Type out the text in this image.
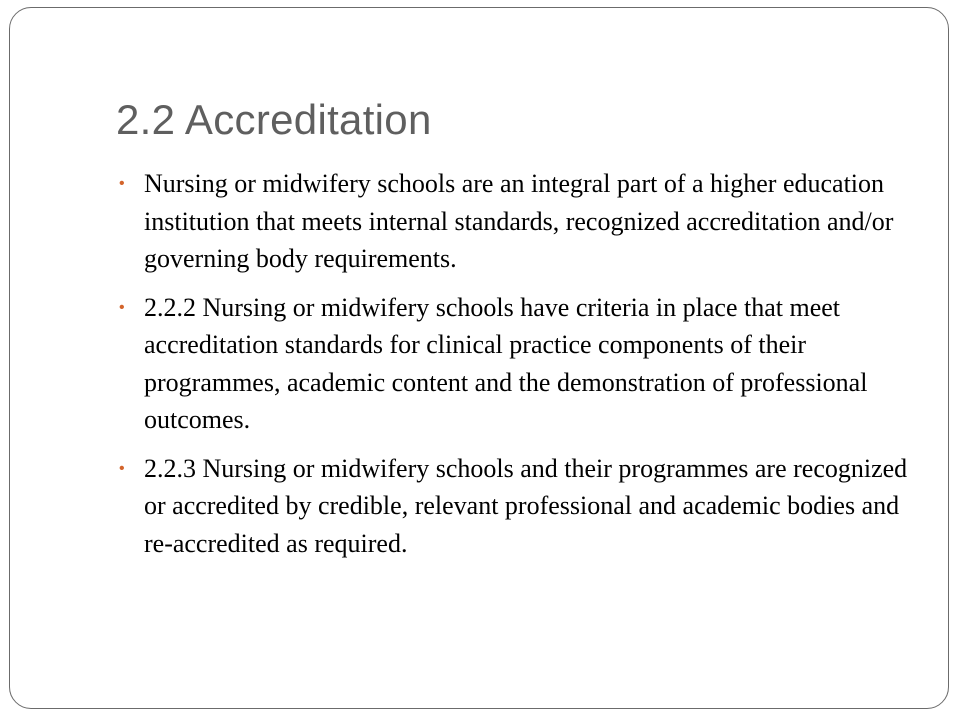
2.2 Accreditation
• Nursing or midwifery schools are an integral part of a higher education institution that meets internal standards, recognized accreditation and/or governing body requirements.
• 2.2.2 Nursing or midwifery schools have criteria in place that meet accreditation standards for clinical practice components of their programmes, academic content and the demonstration of professional outcomes.
• 2.2.3 Nursing or midwifery schools and their programmes are recognized or accredited by credible, relevant professional and academic bodies and re-accredited as required.
